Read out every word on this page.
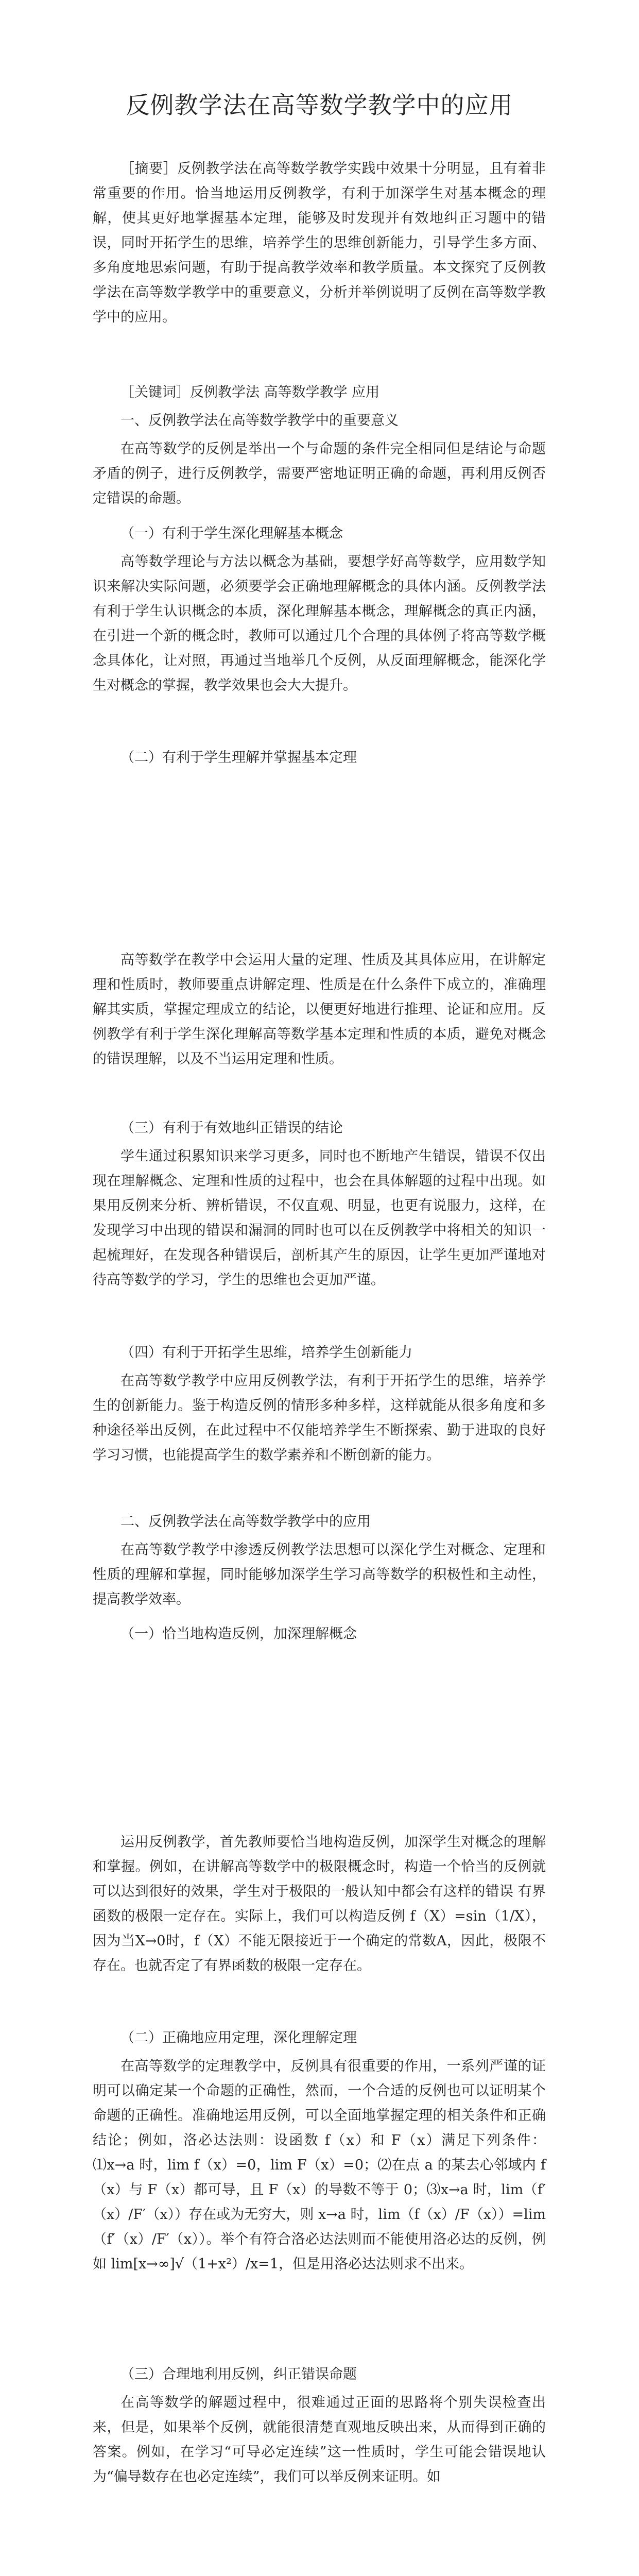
反例教学法在高等数学教学中的应用

［摘要］反例教学法在高等数学教学实践中效果十分明显，且有着非常重要的作用。恰当地运用反例教学，有利于加深学生对基本概念的理解，使其更好地掌握基本定理，能够及时发现并有效地纠正习题中的错误，同时开拓学生的思维，培养学生的思维创新能力，引导学生多方面、多角度地思索问题，有助于提高教学效率和教学质量。本文探究了反例教学法在高等数学教学中的重要意义，分析并举例说明了反例在高等数学教学中的应用。

［关键词］反例教学法 高等数学教学 应用

一、反例教学法在高等数学教学中的重要意义

在高等数学的反例是举出一个与命题的条件完全相同但是结论与命题矛盾的例子，进行反例教学，需要严密地证明正确的命题，再利用反例否定错误的命题。

（一）有利于学生深化理解基本概念

高等数学理论与方法以概念为基础，要想学好高等数学，应用数学知识来解决实际问题，必须要学会正确地理解概念的具体内涵。反例教学法有利于学生认识概念的本质，深化理解基本概念，理解概念的真正内涵，在引进一个新的概念时，教师可以通过几个合理的具体例子将高等数学概念具体化，让对照，再通过当地举几个反例，从反面理解概念，能深化学生对概念的掌握，教学效果也会大大提升。

（二）有利于学生理解并掌握基本定理

高等数学在教学中会运用大量的定理、性质及其具体应用，在讲解定理和性质时，教师要重点讲解定理、性质是在什么条件下成立的，准确理解其实质，掌握定理成立的结论，以便更好地进行推理、论证和应用。反例教学有利于学生深化理解高等数学基本定理和性质的本质，避免对概念的错误理解，以及不当运用定理和性质。

（三）有利于有效地纠正错误的结论

学生通过积累知识来学习更多，同时也不断地产生错误，错误不仅出现在理解概念、定理和性质的过程中，也会在具体解题的过程中出现。如果用反例来分析、辨析错误，不仅直观、明显，也更有说服力，这样，在发现学习中出现的错误和漏洞的同时也可以在反例教学中将相关的知识一起梳理好，在发现各种错误后，剖析其产生的原因，让学生更加严谨地对待高等数学的学习，学生的思维也会更加严谨。

（四）有利于开拓学生思维，培养学生创新能力

在高等数学教学中应用反例教学法，有利于开拓学生的思维，培养学生的创新能力。鉴于构造反例的情形多种多样，这样就能从很多角度和多种途径举出反例，在此过程中不仅能培养学生不断探索、勤于进取的良好学习习惯，也能提高学生的数学素养和不断创新的能力。

二、反例教学法在高等数学教学中的应用

在高等数学教学中渗透反例教学法思想可以深化学生对概念、定理和性质的理解和掌握，同时能够加深学生学习高等数学的积极性和主动性，提高教学效率。

（一）恰当地构造反例，加深理解概念

运用反例教学，首先教师要恰当地构造反例，加深学生对概念的理解和掌握。例如，在讲解高等数学中的极限概念时，构造一个恰当的反例就可以达到很好的效果，学生对于极限的一般认知中都会有这样的错误 有界函数的极限一定存在。实际上，我们可以构造反例 f（X）=sin（1/X），因为当X→0时，f（X）不能无限接近于一个确定的常数A，因此，极限不存在。也就否定了有界函数的极限一定存在。

（二）正确地应用定理，深化理解定理

在高等数学的定理教学中，反例具有很重要的作用，一系列严谨的证明可以确定某一个命题的正确性，然而，一个合适的反例也可以证明某个命题的正确性。准确地运用反例，可以全面地掌握定理的相关条件和正确结论；例如，洛必达法则：设函数 f（x）和 F（x）满足下列条件：⑴x→a 时，lim f（x）=0，lim F（x）=0；⑵在点 a 的某去心邻域内 f（x）与 F（x）都可导，且 F（x）的导数不等于 0；⑶x→a 时，lim（f′（x）/F′（x））存在或为无穷大，则 x→a 时，lim（f（x）/F（x））=lim（f′（x）/F′（x））。举个有符合洛必达法则而不能使用洛必达的反例，例如 lim[x→∞]√（1+x²）/x=1，但是用洛必达法则求不出来。

（三）合理地利用反例，纠正错误命题

在高等数学的解题过程中，很难通过正面的思路将个别失误检查出来，但是，如果举个反例，就能很清楚直观地反映出来，从而得到正确的答案。例如，在学习“可导必定连续”这一性质时，学生可能会错误地认为“偏导数存在也必定连续”，我们可以举反例来证明。如
